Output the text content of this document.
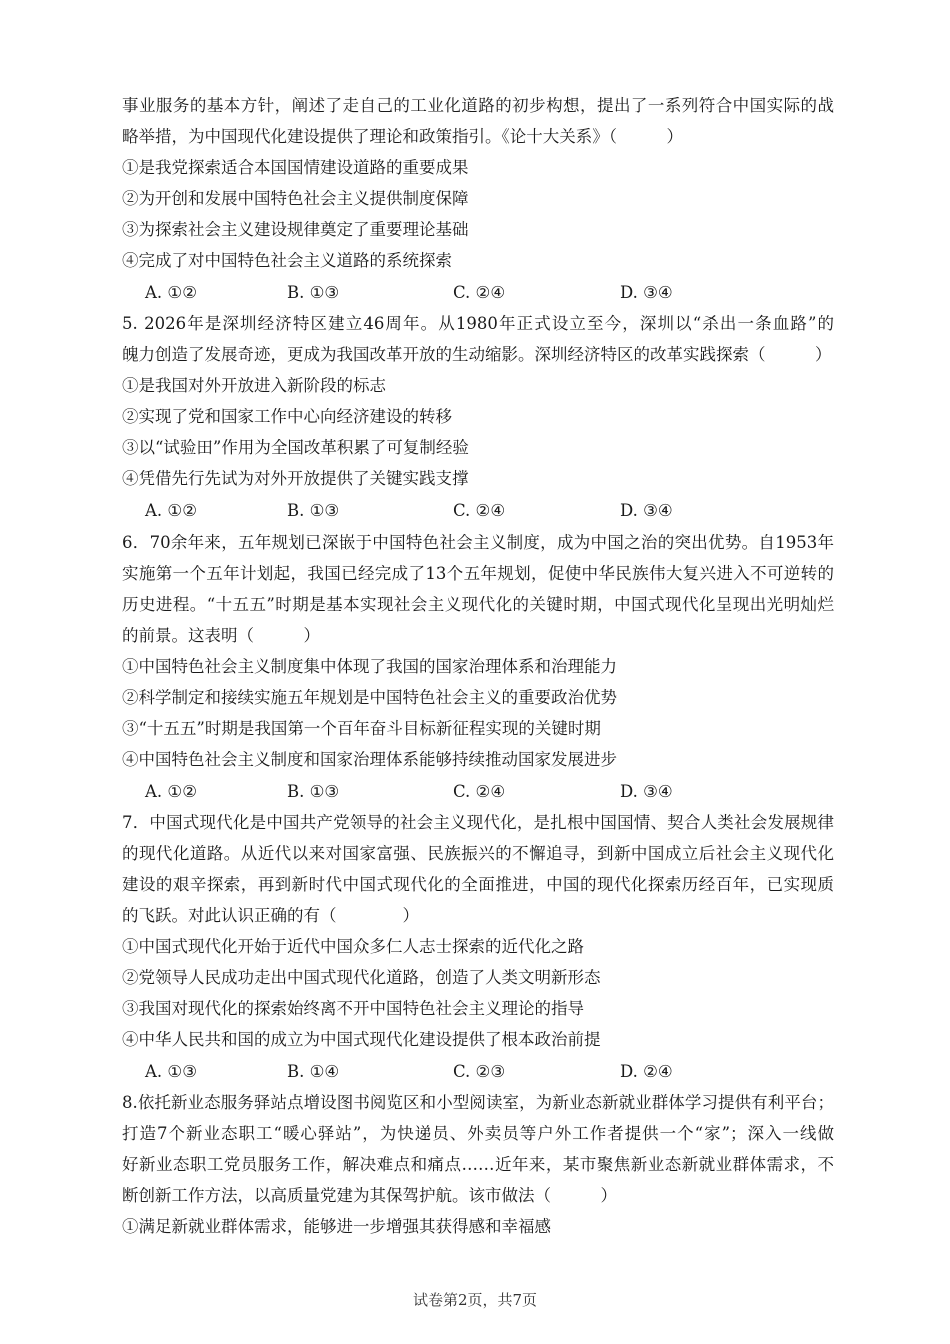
事业服务的基本方针，阐述了走自己的工业化道路的初步构想，提出了一系列符合中国实际的战
略举措，为中国现代化建设提供了理论和政策指引。《论十大关系》（　　　）
①是我党探索适合本国国情建设道路的重要成果
②为开创和发展中国特色社会主义提供制度保障
③为探索社会主义建设规律奠定了重要理论基础
④完成了对中国特色社会主义道路的系统探索
A. ①②	B. ①③	C. ②④	D. ③④
5. 2026年是深圳经济特区建立46周年。从1980年正式设立至今，深圳以“杀出一条血路”的
魄力创造了发展奇迹，更成为我国改革开放的生动缩影。深圳经济特区的改革实践探索（　　　）
①是我国对外开放进入新阶段的标志
②实现了党和国家工作中心向经济建设的转移
③以“试验田”作用为全国改革积累了可复制经验
④凭借先行先试为对外开放提供了关键实践支撑
A. ①②	B. ①③	C. ②④	D. ③④
6．70余年来，五年规划已深嵌于中国特色社会主义制度，成为中国之治的突出优势。自1953年
实施第一个五年计划起，我国已经完成了13个五年规划，促使中华民族伟大复兴进入不可逆转的
历史进程。“十五五”时期是基本实现社会主义现代化的关键时期，中国式现代化呈现出光明灿烂
的前景。这表明（　　　）
①中国特色社会主义制度集中体现了我国的国家治理体系和治理能力
②科学制定和接续实施五年规划是中国特色社会主义的重要政治优势
③“十五五”时期是我国第一个百年奋斗目标新征程实现的关键时期
④中国特色社会主义制度和国家治理体系能够持续推动国家发展进步
A. ①②	B. ①③	C. ②④	D. ③④
7．中国式现代化是中国共产党领导的社会主义现代化，是扎根中国国情、契合人类社会发展规律
的现代化道路。从近代以来对国家富强、民族振兴的不懈追寻，到新中国成立后社会主义现代化
建设的艰辛探索，再到新时代中国式现代化的全面推进，中国的现代化探索历经百年，已实现质
的飞跃。对此认识正确的有（　　　　）
①中国式现代化开始于近代中国众多仁人志士探索的近代化之路
②党领导人民成功走出中国式现代化道路，创造了人类文明新形态
③我国对现代化的探索始终离不开中国特色社会主义理论的指导
④中华人民共和国的成立为中国式现代化建设提供了根本政治前提
A. ①③	B. ①④	C. ②③	D. ②④
8.依托新业态服务驿站点增设图书阅览区和小型阅读室，为新业态新就业群体学习提供有利平台；
打造7个新业态职工“暖心驿站”，为快递员、外卖员等户外工作者提供一个“家”；深入一线做
好新业态职工党员服务工作，解决难点和痛点……近年来，某市聚焦新业态新就业群体需求，不
断创新工作方法，以高质量党建为其保驾护航。该市做法（　　　）
①满足新就业群体需求，能够进一步增强其获得感和幸福感
试卷第2页，共7页
